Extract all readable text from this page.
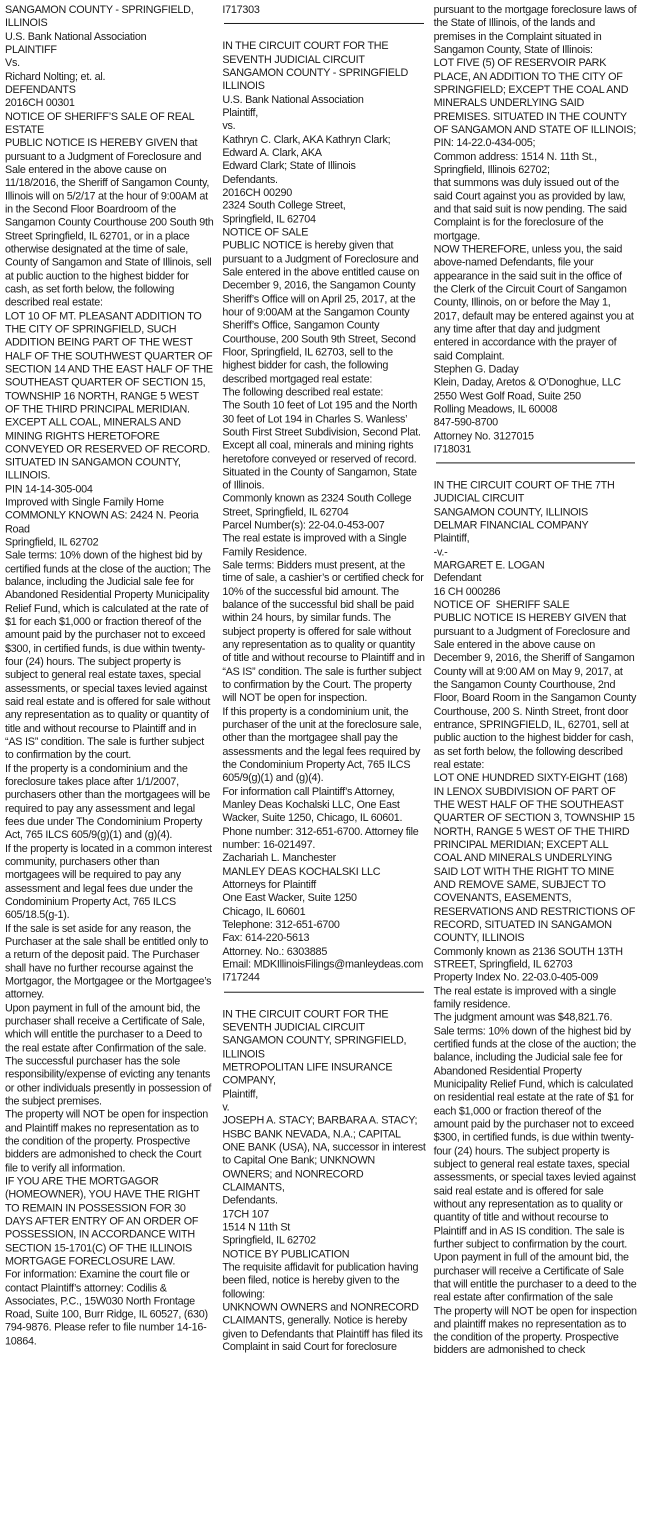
SANGAMON COUNTY - SPRINGFIELD, ILLINOIS
U.S. Bank National Association
PLAINTIFF
Vs.
Richard Nolting; et. al.
DEFENDANTS
2016CH 00301
NOTICE OF SHERIFF’S SALE OF REAL ESTATE
PUBLIC NOTICE IS HEREBY GIVEN that pursuant to a Judgment of Foreclosure and Sale entered in the above cause on 11/18/2016, the Sheriff of Sangamon County, Illinois will on 5/2/17 at the hour of 9:00AM at in the Second Floor Boardroom of the Sangamon County Courthouse 200 South 9th Street Springfield, IL 62701, or in a place otherwise designated at the time of sale, County of Sangamon and State of Illinois, sell at public auction to the highest bidder for cash, as set forth below, the following described real estate:
LOT 10 OF MT. PLEASANT ADDITION TO THE CITY OF SPRINGFIELD, SUCH ADDITION BEING PART OF THE WEST HALF OF THE SOUTHWEST QUARTER OF SECTION 14 AND THE EAST HALF OF THE SOUTHEAST QUARTER OF SECTION 15, TOWNSHIP 16 NORTH, RANGE 5 WEST OF THE THIRD PRINCIPAL MERIDIAN. EXCEPT ALL COAL, MINERALS AND MINING RIGHTS HERETOFORE CONVEYED OR RESERVED OF RECORD. SITUATED IN SANGAMON COUNTY, ILLINOIS.
PIN 14-14-305-004
Improved with Single Family Home
COMMONLY KNOWN AS: 2424 N. Peoria Road
Springfield, IL 62702
Sale terms: 10% down of the highest bid by certified funds at the close of the auction; The balance, including the Judicial sale fee for Abandoned Residential Property Municipality Relief Fund, which is calculated at the rate of $1 for each $1,000 or fraction thereof of the amount paid by the purchaser not to exceed $300, in certified funds, is due within twenty-four (24) hours. The subject property is subject to general real estate taxes, special assessments, or special taxes levied against said real estate and is offered for sale without any representation as to quality or quantity of title and without recourse to Plaintiff and in “AS IS” condition. The sale is further subject to confirmation by the court.
If the property is a condominium and the foreclosure takes place after 1/1/2007, purchasers other than the mortgagees will be required to pay any assessment and legal fees due under The Condominium Property Act, 765 ILCS 605/9(g)(1) and (g)(4).
If the property is located in a common interest community, purchasers other than mortgagees will be required to pay any assessment and legal fees due under the Condominium Property Act, 765 ILCS 605/18.5(g-1).
If the sale is set aside for any reason, the Purchaser at the sale shall be entitled only to a return of the deposit paid. The Purchaser shall have no further recourse against the Mortgagor, the Mortgagee or the Mortgagee’s attorney.
Upon payment in full of the amount bid, the purchaser shall receive a Certificate of Sale, which will entitle the purchaser to a Deed to the real estate after Confirmation of the sale. The successful purchaser has the sole responsibility/expense of evicting any tenants or other individuals presently in possession of the subject premises.
The property will NOT be open for inspection and Plaintiff makes no representation as to the condition of the property. Prospective bidders are admonished to check the Court file to verify all information.
IF YOU ARE THE MORTGAGOR (HOMEOWNER), YOU HAVE THE RIGHT TO REMAIN IN POSSESSION FOR 30 DAYS AFTER ENTRY OF AN ORDER OF POSSESSION, IN ACCORDANCE WITH SECTION 15-1701(C) OF THE ILLINOIS MORTGAGE FORECLOSURE LAW.
For information: Examine the court file or contact Plaintiff’s attorney: Codilis & Associates, P.C., 15W030 North Frontage Road, Suite 100, Burr Ridge, IL 60527, (630) 794-9876. Please refer to file number 14-16-10864.
I717303
IN THE CIRCUIT COURT FOR THE SEVENTH JUDICIAL CIRCUIT
SANGAMON COUNTY - SPRINGFIELD ILLINOIS
U.S. Bank National Association
Plaintiff,
vs.
Kathryn C. Clark, AKA Kathryn Clark; Edward A. Clark, AKA
Edward Clark; State of Illinois
Defendants.
2016CH 00290
2324 South College Street,
Springfield, IL 62704
NOTICE OF SALE
PUBLIC NOTICE is hereby given that pursuant to a Judgment of Foreclosure and Sale entered in the above entitled cause on December 9, 2016, the Sangamon County Sheriff’s Office will on April 25, 2017, at the hour of 9:00AM at the Sangamon County Sheriff’s Office, Sangamon County Courthouse, 200 South 9th Street, Second Floor, Springfield, IL 62703, sell to the highest bidder for cash, the following described mortgaged real estate:
The following described real estate:
The South 10 feet of Lot 195 and the North 30 feet of Lot 194 in Charles S. Wanless’ South First Street Subdivision, Second Plat. Except all coal, minerals and mining rights heretofore conveyed or reserved of record.
Situated in the County of Sangamon, State of Illinois.
Commonly known as 2324 South College Street, Springfield, IL 62704
Parcel Number(s): 22-04.0-453-007
The real estate is improved with a Single Family Residence.
Sale terms: Bidders must present, at the time of sale, a cashier’s or certified check for 10% of the successful bid amount. The balance of the successful bid shall be paid within 24 hours, by similar funds. The subject property is offered for sale without any representation as to quality or quantity of title and without recourse to Plaintiff and in “AS IS” condition. The sale is further subject to confirmation by the Court. The property will NOT be open for inspection.
If this property is a condominium unit, the purchaser of the unit at the foreclosure sale, other than the mortgagee shall pay the assessments and the legal fees required by the Condominium Property Act, 765 ILCS 605/9(g)(1) and (g)(4).
For information call Plaintiff’s Attorney, Manley Deas Kochalski LLC, One East Wacker, Suite 1250, Chicago, IL 60601. Phone number: 312-651-6700. Attorney file number: 16-021497.
Zachariah L. Manchester
MANLEY DEAS KOCHALSKI LLC
Attorneys for Plaintiff
One East Wacker, Suite 1250
Chicago, IL 60601
Telephone: 312-651-6700
Fax: 614-220-5613
Attorney. No.: 6303885
Email: MDKIllinoisFilings@manleydeas.com
I717244
IN THE CIRCUIT COURT FOR THE SEVENTH JUDICIAL CIRCUIT
SANGAMON COUNTY, SPRINGFIELD, ILLINOIS
METROPOLITAN LIFE INSURANCE COMPANY,
Plaintiff,
v.
JOSEPH A. STACY; BARBARA A. STACY; HSBC BANK NEVADA, N.A.; CAPITAL ONE BANK (USA), NA, successor in interest to Capital One Bank; UNKNOWN OWNERS; and NONRECORD CLAIMANTS,
Defendants.
17CH 107
1514 N 11th St
Springfield, IL 62702
NOTICE BY PUBLICATION
The requisite affidavit for publication having been filed, notice is hereby given to the following:
UNKNOWN OWNERS and NONRECORD CLAIMANTS, generally. Notice is hereby given to Defendants that Plaintiff has filed its Complaint in said Court for foreclosure
pursuant to the mortgage foreclosure laws of the State of Illinois, of the lands and premises in the Complaint situated in Sangamon County, State of Illinois:
LOT FIVE (5) OF RESERVOIR PARK PLACE, AN ADDITION TO THE CITY OF SPRINGFIELD; EXCEPT THE COAL AND MINERALS UNDERLYING SAID PREMISES. SITUATED IN THE COUNTY OF SANGAMON AND STATE OF ILLINOIS;
PIN: 14-22.0-434-005;
Common address: 1514 N. 11th St., Springfield, Illinois 62702;
that summons was duly issued out of the said Court against you as provided by law, and that said suit is now pending. The said Complaint is for the foreclosure of the mortgage.
NOW THEREFORE, unless you, the said above-named Defendants, file your appearance in the said suit in the office of the Clerk of the Circuit Court of Sangamon County, Illinois, on or before the May 1, 2017, default may be entered against you at any time after that day and judgment entered in accordance with the prayer of said Complaint.
Stephen G. Daday
Klein, Daday, Aretos & O’Donoghue, LLC
2550 West Golf Road, Suite 250
Rolling Meadows, IL 60008
847-590-8700
Attorney No. 3127015
I718031
IN THE CIRCUIT COURT OF THE 7TH JUDICIAL CIRCUIT
SANGAMON COUNTY, ILLINOIS
DELMAR FINANCIAL COMPANY
Plaintiff,
-v.-
MARGARET E. LOGAN
Defendant
16 CH 000286
NOTICE OF  SHERIFF SALE
PUBLIC NOTICE IS HEREBY GIVEN that pursuant to a Judgment of Foreclosure and Sale entered in the above cause on December 9, 2016, the Sheriff of Sangamon County will at 9:00 AM on May 9, 2017, at the Sangamon County Courthouse, 2nd Floor, Board Room in the Sangamon County Courthouse, 200 S. Ninth Street, front door entrance, SPRINGFIELD, IL, 62701, sell at public auction to the highest bidder for cash, as set forth below, the following described real estate:
LOT ONE HUNDRED SIXTY-EIGHT (168) IN LENOX SUBDIVISION OF PART OF THE WEST HALF OF THE SOUTHEAST QUARTER OF SECTION 3, TOWNSHIP 15 NORTH, RANGE 5 WEST OF THE THIRD PRINCIPAL MERIDIAN; EXCEPT ALL COAL AND MINERALS UNDERLYING SAID LOT WITH THE RIGHT TO MINE AND REMOVE SAME, SUBJECT TO COVENANTS, EASEMENTS, RESERVATIONS AND RESTRICTIONS OF RECORD, SITUATED IN SANGAMON COUNTY, ILLINOIS
Commonly known as 2136 SOUTH 13TH STREET, Springfield, IL 62703
Property Index No. 22-03.0-405-009
The real estate is improved with a single family residence.
The judgment amount was $48,821.76.
Sale terms: 10% down of the highest bid by certified funds at the close of the auction; the balance, including the Judicial sale fee for Abandoned Residential Property Municipality Relief Fund, which is calculated on residential real estate at the rate of $1 for each $1,000 or fraction thereof of the amount paid by the purchaser not to exceed $300, in certified funds, is due within twenty-four (24) hours. The subject property is subject to general real estate taxes, special assessments, or special taxes levied against said real estate and is offered for sale without any representation as to quality or quantity of title and without recourse to Plaintiff and in AS IS condition. The sale is further subject to confirmation by the court.
Upon payment in full of the amount bid, the purchaser will receive a Certificate of Sale that will entitle the purchaser to a deed to the real estate after confirmation of the sale
The property will NOT be open for inspection and plaintiff makes no representation as to the condition of the property. Prospective bidders are admonished to check
